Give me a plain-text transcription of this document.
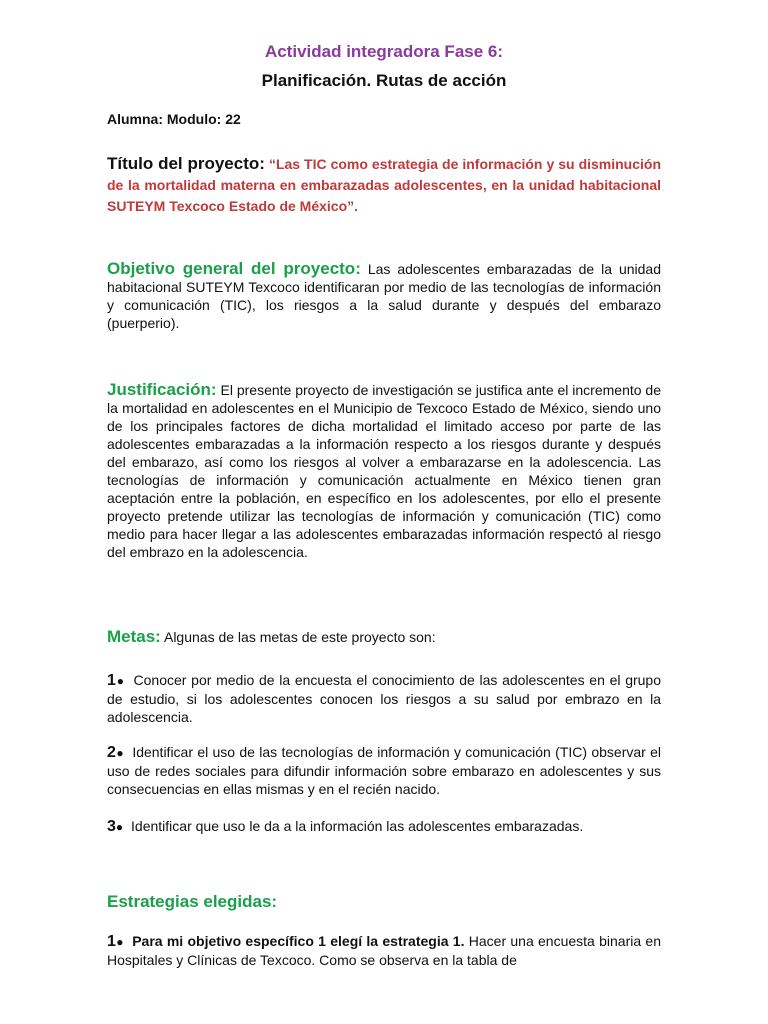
Actividad integradora Fase 6:
Planificación. Rutas de acción
Alumna: Modulo: 22
Título del proyecto: “Las TIC como estrategia de información y su disminución de la mortalidad materna en embarazadas adolescentes, en la unidad habitacional SUTEYM Texcoco Estado de México”.
Objetivo general del proyecto: Las adolescentes embarazadas de la unidad habitacional SUTEYM Texcoco identificaran por medio de las tecnologías de información y comunicación (TIC), los riesgos a la salud durante y después del embarazo (puerperio).
Justificación: El presente proyecto de investigación se justifica ante el incremento de la mortalidad en adolescentes en el Municipio de Texcoco Estado de México, siendo uno de los principales factores de dicha mortalidad el limitado acceso por parte de las adolescentes embarazadas a la información respecto a los riesgos durante y después del embarazo, así como los riesgos al volver a embarazarse en la adolescencia. Las tecnologías de información y comunicación actualmente en México tienen gran aceptación entre la población, en específico en los adolescentes, por ello el presente proyecto pretende utilizar las tecnologías de información y comunicación (TIC) como medio para hacer llegar a las adolescentes embarazadas información respectó al riesgo del embrazo en la adolescencia.
Metas: Algunas de las metas de este proyecto son:
1● Conocer por medio de la encuesta el conocimiento de las adolescentes en el grupo de estudio, si los adolescentes conocen los riesgos a su salud por embrazo en la adolescencia.
2● Identificar el uso de las tecnologías de información y comunicación (TIC) observar el uso de redes sociales para difundir información sobre embarazo en adolescentes y sus consecuencias en ellas mismas y en el recién nacido.
3● Identificar que uso le da a la información las adolescentes embarazadas.
Estrategias elegidas:
1● Para mi objetivo específico 1 elegí la estrategia 1. Hacer una encuesta binaria en Hospitales y Clínicas de Texcoco. Como se observa en la tabla de
